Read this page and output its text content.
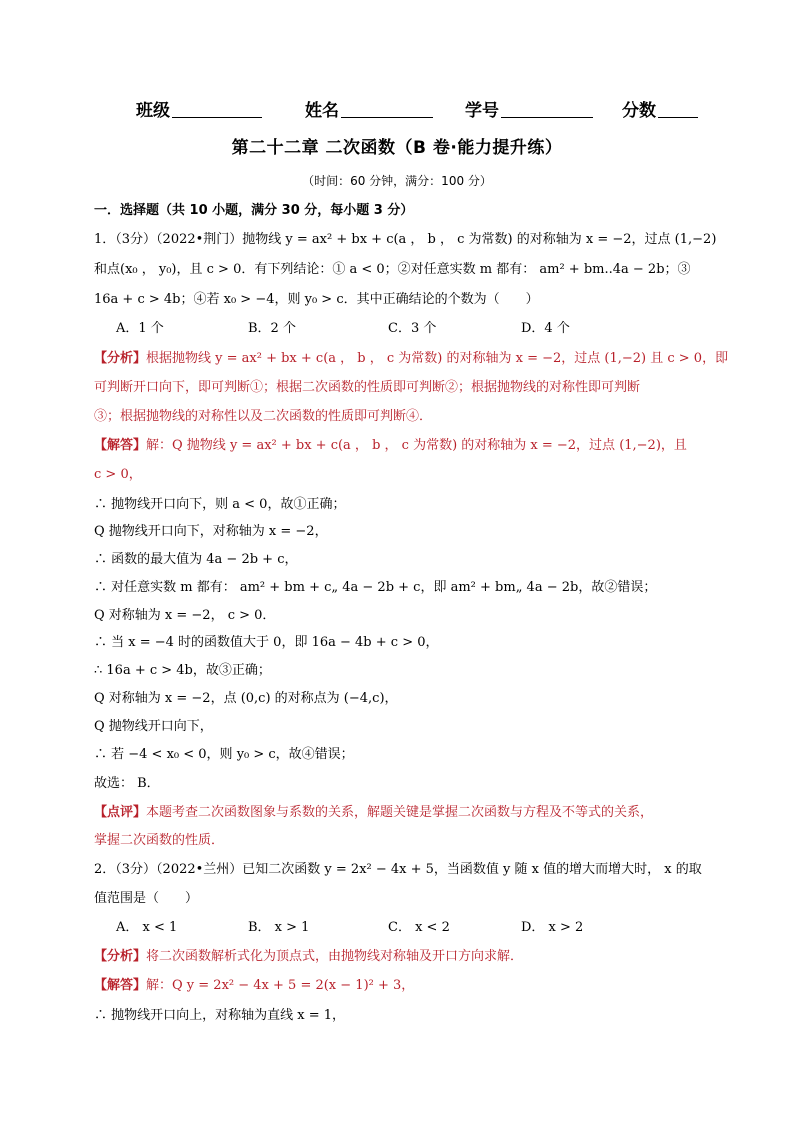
班级	姓名	学号	分数
第二十二章 二次函数（B 卷·能力提升练）
（时间：60 分钟，满分：100 分）
一．选择题（共 10 小题，满分 30 分，每小题 3 分）
1．（3分）（2022•荆门）抛物线 y = ax² + bx + c(a ， b ， c 为常数) 的对称轴为 x = −2，过点 (1,−2)
和点(x₀ ， y₀)，且 c > 0．有下列结论：① a < 0；②对任意实数 m 都有： am² + bm..4a − 2b；③
16a + c > 4b；④若 x₀ > −4，则 y₀ > c．其中正确结论的个数为（　　）
A．1 个	B．2 个	C．3 个	D．4 个
【分析】根据抛物线 y = ax² + bx + c(a ， b ， c 为常数) 的对称轴为 x = −2，过点 (1,−2) 且 c > 0，即
可判断开口向下，即可判断①；根据二次函数的性质即可判断②；根据抛物线的对称性即可判断
③；根据抛物线的对称性以及二次函数的性质即可判断④．
【解答】解：Q 抛物线 y = ax² + bx + c(a ， b ， c 为常数) 的对称轴为 x = −2，过点 (1,−2)，且
c > 0，
∴ 抛物线开口向下，则 a < 0，故①正确；
Q 抛物线开口向下，对称轴为 x = −2，
∴ 函数的最大值为 4a − 2b + c，
∴ 对任意实数 m 都有： am² + bm + c„ 4a − 2b + c，即 am² + bm„ 4a − 2b，故②错误；
Q 对称轴为 x = −2， c > 0．
∴ 当 x = −4 时的函数值大于 0，即 16a − 4b + c > 0，
∴ 16a + c > 4b，故③正确；
Q 对称轴为 x = −2，点 (0,c) 的对称点为 (−4,c)，
Q 抛物线开口向下，
∴ 若 −4 < x₀ < 0，则 y₀ > c，故④错误；
故选： B．
【点评】本题考查二次函数图象与系数的关系，解题关键是掌握二次函数与方程及不等式的关系，
掌握二次函数的性质．
2．（3分）（2022•兰州）已知二次函数 y = 2x² − 4x + 5，当函数值 y 随 x 值的增大而增大时， x 的取
值范围是（　　）
A． x < 1	B． x > 1	C． x < 2	D． x > 2
【分析】将二次函数解析式化为顶点式，由抛物线对称轴及开口方向求解．
【解答】解：Q y = 2x² − 4x + 5 = 2(x − 1)² + 3，
∴ 抛物线开口向上，对称轴为直线 x = 1，
